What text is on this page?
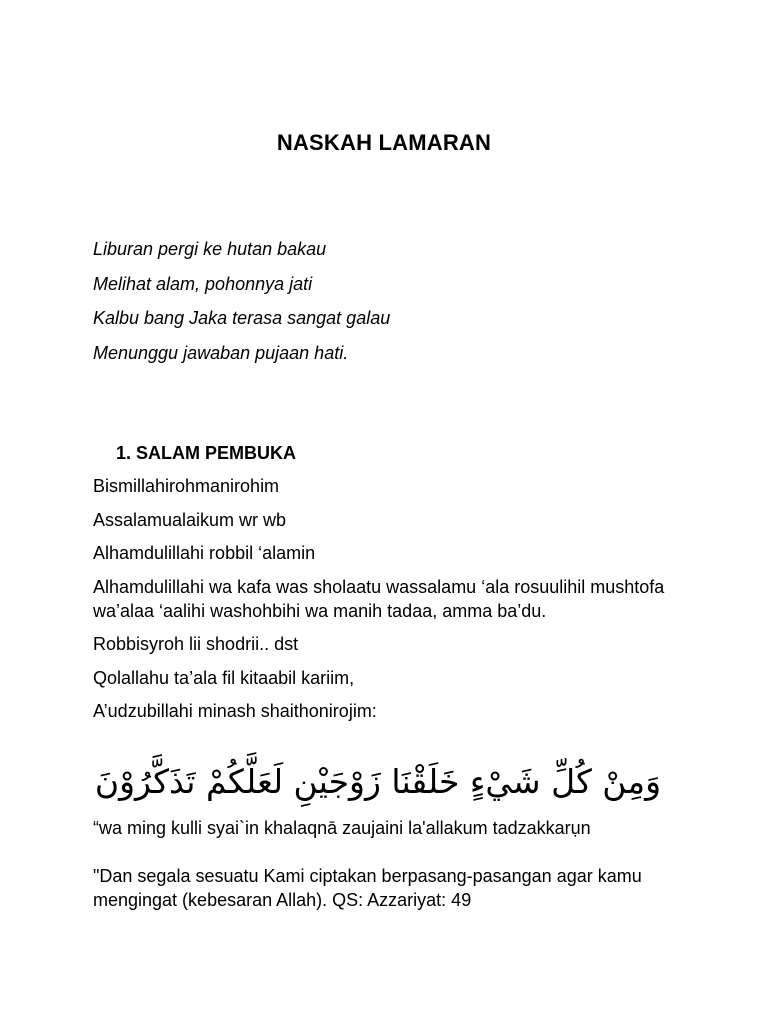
NASKAH LAMARAN
Liburan pergi ke hutan bakau
Melihat alam, pohonnya jati
Kalbu bang Jaka terasa sangat galau
Menunggu jawaban pujaan hati.
1. SALAM PEMBUKA
Bismillahirohmanirohim
Assalamualaikum wr wb
Alhamdulillahi robbil ‘alamin
Alhamdulillahi wa kafa was sholaatu wassalamu ‘ala rosuulihil mushtofa wa’alaa ‘aalihi washohbihi wa manih tadaa, amma ba’du.
Robbisyroh lii shodrii.. dst
Qolallahu ta’ala fil kitaabil kariim,
A’udzubillahi minash shaithonirojim:
وَمِنْ كُلِّ شَيْءٍ خَلَقْنَا زَوْجَيْنِ لَعَلَّكُمْ تَذَكَّرُوْنَ
“wa ming kulli syai`in khalaqnā zaujaini la'allakum tadzakkarụn
"Dan segala sesuatu Kami ciptakan berpasang-pasangan agar kamu mengingat (kebesaran Allah). QS: Azzariyat: 49
